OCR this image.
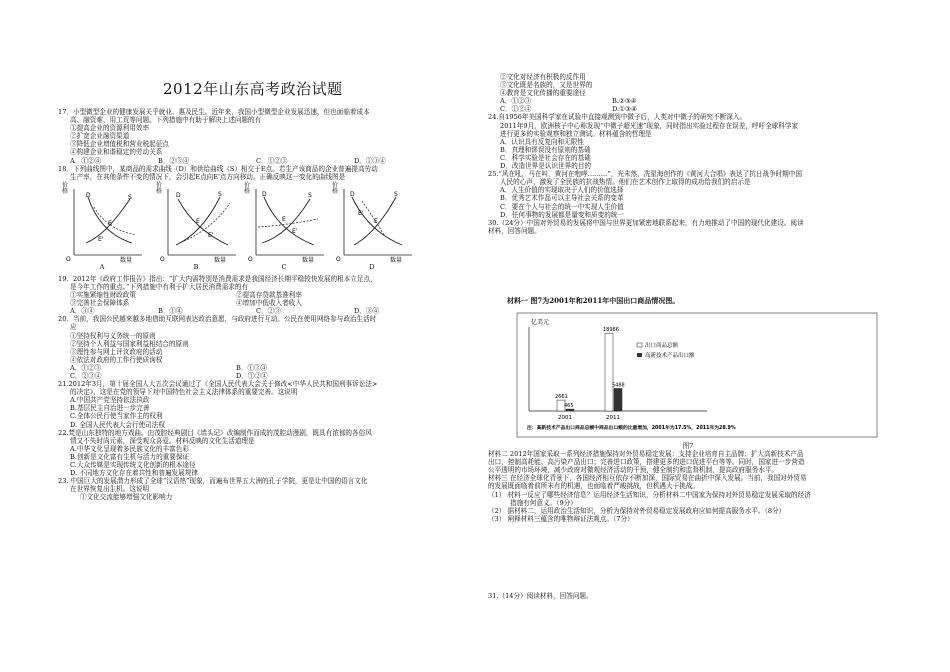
2012年山东高考政治试题
17．小型微型企业的健康发展关乎就业、惠及民生。近年来，我国小型微型企业发展迅速，但也面临着成本
高、融资难，用工荒等问题。下列措施中有助于解决上述问题的有
①提高企业的资源利用效率
②扩宽企业融资渠道
③降低企业增值税和营业税起征点
④构建企业和谐稳定的劳动关系
A．①②④	B．②③④	C．①②③	D．①③④
18．下列曲线图中，某商品的需求曲线（D）和供给曲线（S）相交于E点。若生产该商品的企业普遍提高劳动
生产率，在其他条件不变的情况下，会引起E点向E'点方向移动。正确反映这一变化的曲线图是
价格	D	S
E
E'
O	数量
A
价格	D	S
E
E'
O	数量
B
价格	D	S
E
E'
O	数量
C
价格	D	S
E
E'
O	数量
D
19．2012年《政府工作报告》指出：“扩大内需特别是消费需求是我国经济长期平稳较快发展的根本立足点，
是今年工作的重点。”下列措施中有利于扩大居民消费需求的有
①实施紧缩性财政政策	②提高存贷款基准利率
③完善社会保障体系	④增加中低收入者收入
A．③④	B．①④	C．②③	D．③④
20．当前，我国公民越来越多地借助互联网表达政治意愿，与政府进行互动。公民在使用网络参与政治生活时
应
①坚持权利与义务统一的原则
②坚持个人利益与国家利益相结合的原则
③理性参与网上评议政府的活动
④依法对政府的工作行使质询权
A．①②③	B．①③④
C．②③④	D．①②④
21.2012年3月，第十届全国人大五次会议通过了《全国人民代表大会关于修改<中华人民共和国刑事诉讼法>
的决定》，这是在党的领导下对中国特色社会主义法律体系的重要完善。这说明
A.中国共产党坚持依法执政
B.基层民主自治进一步完善
C.全体公民行使当家作主的权利
D. 全国人民代表大会行使司法权
22.梵是山东独特的地方戏曲。由茂腔经典剧目《墙头记》改编制作而成的茂腔动漫剧，既具有浓郁的各俗风
情又不失时尚元素，深受观众喜爱。材料反映的文化生活道理是
A.中华文化呈现着多民族文化的丰富色彩
B.创新是文化富有生机与活力的重要保证
C.大众传媒是实现传统文化创新的根本途径
D. 不同地方文化存在着共性和普遍发展规律
23. 中国巨大的发展潜力形成了全球“汉语热”现象，而遍布世界五大洲的孔子学院，更是让中国的语言文化
在世界恢复出生机。这说明
①文化交流能够增强文化影响力
②文化对经济有积极的反作用
③文化既是名族的，又是世界的
④教育是文化传播的重要途径
A．①②③	B.②③④
C．①②④	D.①③④
24.自1956年美国科学家在试验中直接观测到中微子后，人类对中微子的研究不断深入。
2011年9月，欧洲核子中心称发现“中微子超光速”现象，同时指出实验过程存在误差，呼吁全球科学家
进行更多的实验观察和独立测试。材料蕴含的哲理是
A．认识具有反复向和无限性
B．真理和谬误没有原则的基础
C．科学实验是社会存在的基础
D．改造世界是认识世界的目的
25.“风在吼，马在叫，黄河在咆哮………”，光未然，冼星海创作的《黄河大合唱》表达了抗日战争时期中国
人民的心声，激发了全民族的抗战热情。他们在艺术创作上取得的成功给我们的启示是
A．人生价值的实现取决于人们的价值选择
B．优秀艺术作品可以主导社会关系的变革
C．要在个人与社会的统一中实现人生价值
D．任何事物的发展都是量变和质变的统一
30.（24分）中国对外贸易的发展将中国与世界更加紧密地联系起来，有力地推动了中国的现代化建设。阅读
材料，回答问题。
材料一 图7为2001年和2011年中国出口商品情况图。
亿美元
2661
465
2001
18986
5488
2011
出口商品总额
高新技术产品出口额
注：高新技术产品出口商品总额中商品出口额的比重增加，2001年为17.5%，2011年为28.9%
图7
材料二 2012年国家采取一系列经济措施保持对外贸易稳定发展：支持企业培育自主品牌；扩大高新技术产品
出口，控制高耗能、高污染产品出口；完善进口政策，搭建更多的进口促进平台等等。同时，国家进一步营造
公平透明的市场环境，减少政府对微观经济活动的干预，健全制约和监督机制，提高政府服务水平。
材料三 在经济全球化背景下，各国经济相互依存不断加深，国际贸易在曲折中深入发展。当前，我国对外贸易
的发展既面临着前所未有的机遇，也面临着严峻挑战，但机遇大于挑战。
（1） 材料一反应了哪些经济信息？运用经济生活知识，分析材料二中国家为保持对外贸易稳定发展采取的经济
措施有何意义。（9分）
（2） 据材料二，运用政治生活知识，分析为保持对外贸易稳定发展政府应如何提高服务水平。（8分）
（3） 闸释材料三蕴含的唯物辩证法观点。（7分）
31.（14分）阅读材料，回答问题。
